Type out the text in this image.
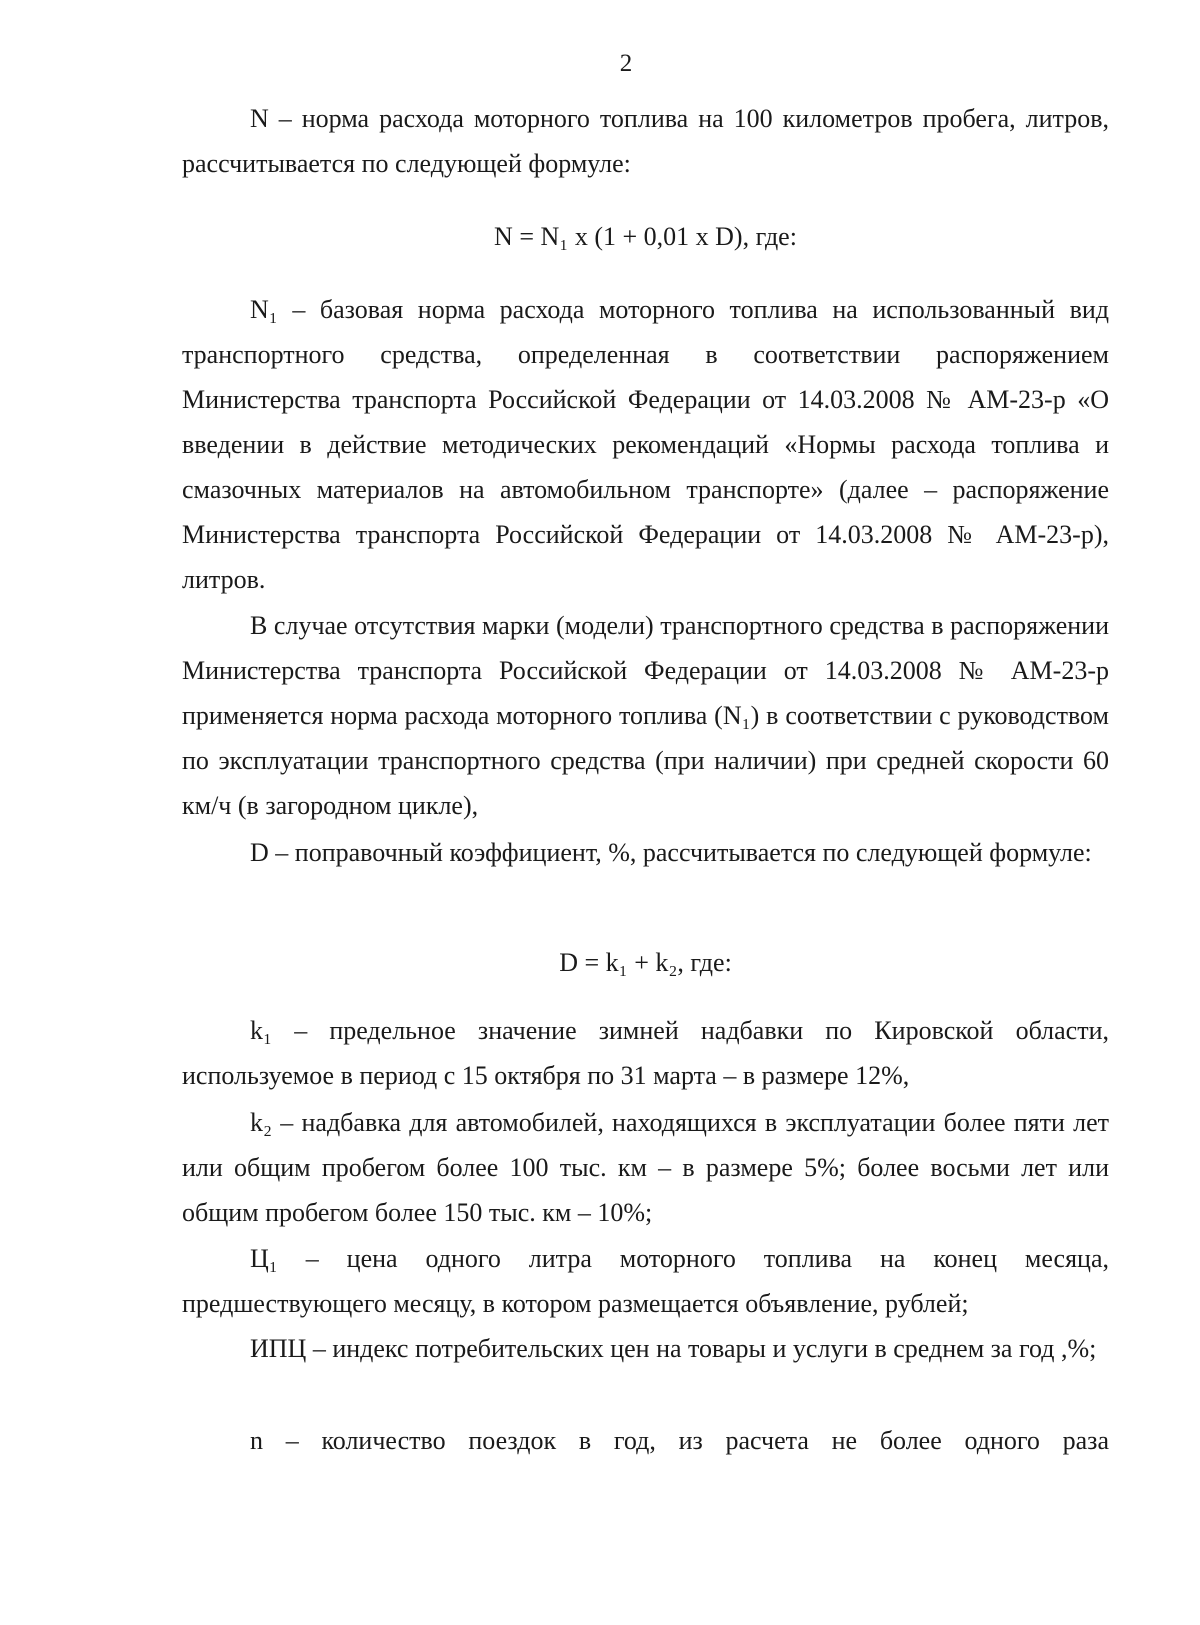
2

N – норма расхода моторного топлива на 100 километров пробега, литров, рассчитывается по следующей формуле:

N = N₁ x (1 + 0,01 x D), где:

N₁ – базовая норма расхода моторного топлива на использованный вид транспортного средства, определенная в соответствии распоряжением Министерства транспорта Российской Федерации от 14.03.2008 № АМ-23-р «О введении в действие методических рекомендаций «Нормы расхода топлива и смазочных материалов на автомобильном транспорте» (далее – распоряжение Министерства транспорта Российской Федерации от 14.03.2008 № АМ-23-р), литров.

В случае отсутствия марки (модели) транспортного средства в распоряжении Министерства транспорта Российской Федерации от 14.03.2008 № АМ-23-р применяется норма расхода моторного топлива (N₁) в соответствии с руководством по эксплуатации транспортного средства (при наличии) при средней скорости 60 км/ч (в загородном цикле),

D – поправочный коэффициент, %, рассчитывается по следующей формуле:

D = k₁ + k₂, где:

k₁ – предельное значение зимней надбавки по Кировской области, используемое в период с 15 октября по 31 марта – в размере 12%,

k₂ – надбавка для автомобилей, находящихся в эксплуатации более пяти лет или общим пробегом более 100 тыс. км – в размере 5%; более восьми лет или общим пробегом более 150 тыс. км – 10%;

Ц₁ – цена одного литра моторного топлива на конец месяца, предшествующего месяцу, в котором размещается объявление, рублей;

ИПЦ – индекс потребительских цен на товары и услуги в среднем за год ,%;

n – количество поездок в год, из расчета не более одного раза
